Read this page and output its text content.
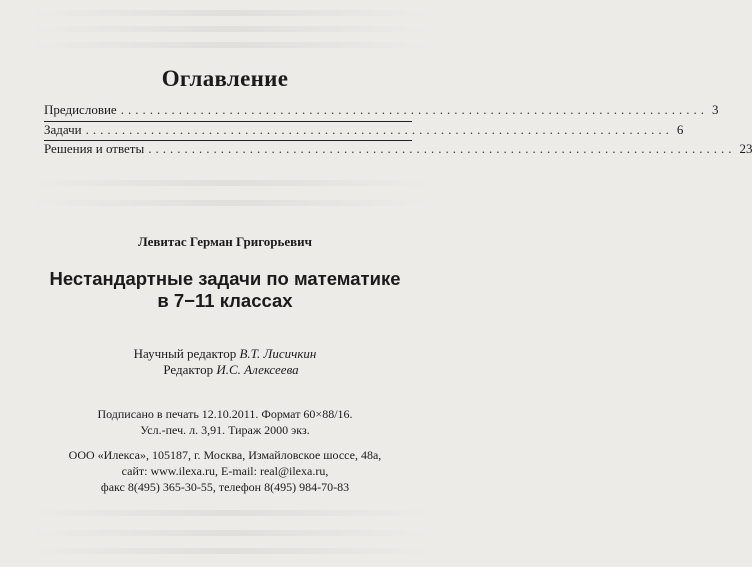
Оглавление
Предисловие ................................................................................. 3
Задачи ................................................................................. 6
Решения и ответы ................................................................................. 23
Левитас Герман Григорьевич
Нестандартные задачи по математике
в 7−11 классах
Научный редактор В.Т. Лисичкин
Редактор И.С. Алексеева
Подписано в печать 12.10.2011. Формат 60×88/16.
Усл.-печ. л. 3,91. Тираж 2000 экз.
ООО «Илекса», 105187, г. Москва, Измайловское шоссе, 48а,
сайт: www.ilexa.ru, E-mail: real@ilexa.ru,
факс 8(495) 365-30-55, телефон 8(495) 984-70-83
